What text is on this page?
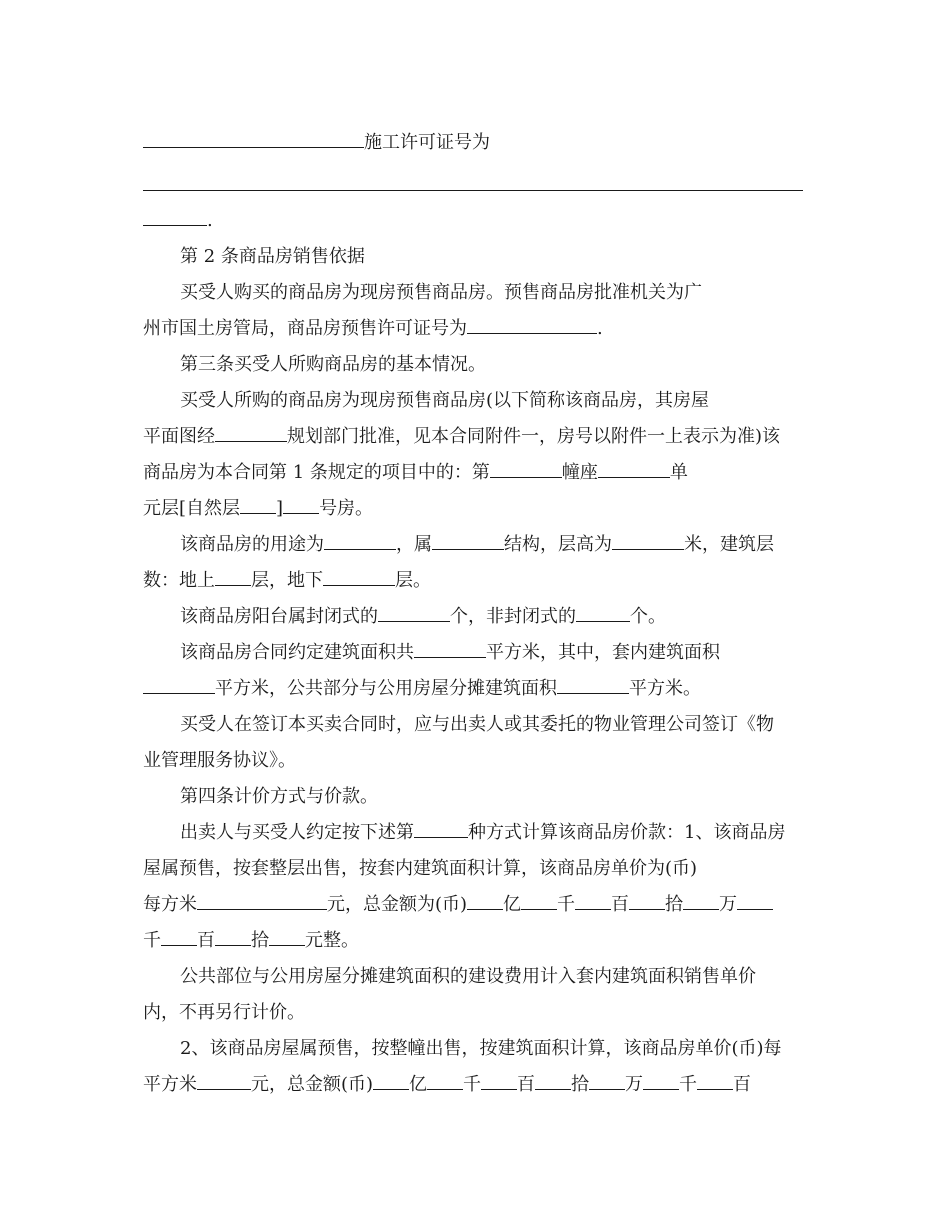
施工许可证号为
.
第 2 条商品房销售依据
买受人购买的商品房为现房预售商品房。预售商品房批准机关为广
州市国土房管局，商品房预售许可证号为	.
第三条买受人所购商品房的基本情况。
买受人所购的商品房为现房预售商品房(以下简称该商品房，其房屋
平面图经	规划部门批准，见本合同附件一，房号以附件一上表示为准)该
商品房为本合同第 1 条规定的项目中的：第	幢座	单
元层[自然层 ] 号房。
该商品房的用途为	，属	结构，层高为	米，建筑层
数：地上 层，地下	层。
该商品房阳台属封闭式的	个，非封闭式的	个。
该商品房合同约定建筑面积共	平方米，其中，套内建筑面积
平方米，公共部分与公用房屋分摊建筑面积	平方米。
买受人在签订本买卖合同时，应与出卖人或其委托的物业管理公司签订《物
业管理服务协议》。
第四条计价方式与价款。
出卖人与买受人约定按下述第	种方式计算该商品房价款：1、该商品房
屋属预售，按套整层出售，按套内建筑面积计算，该商品房单价为(币)
每方米	元，总金额为(币) 亿 千 百 拾 万
千 百 拾 元整。
公共部位与公用房屋分摊建筑面积的建设费用计入套内建筑面积销售单价
内，不再另行计价。
2、该商品房屋属预售，按整幢出售，按建筑面积计算，该商品房单价(币)每
平方米	元，总金额(币) 亿 千 百 拾 万 千 百
